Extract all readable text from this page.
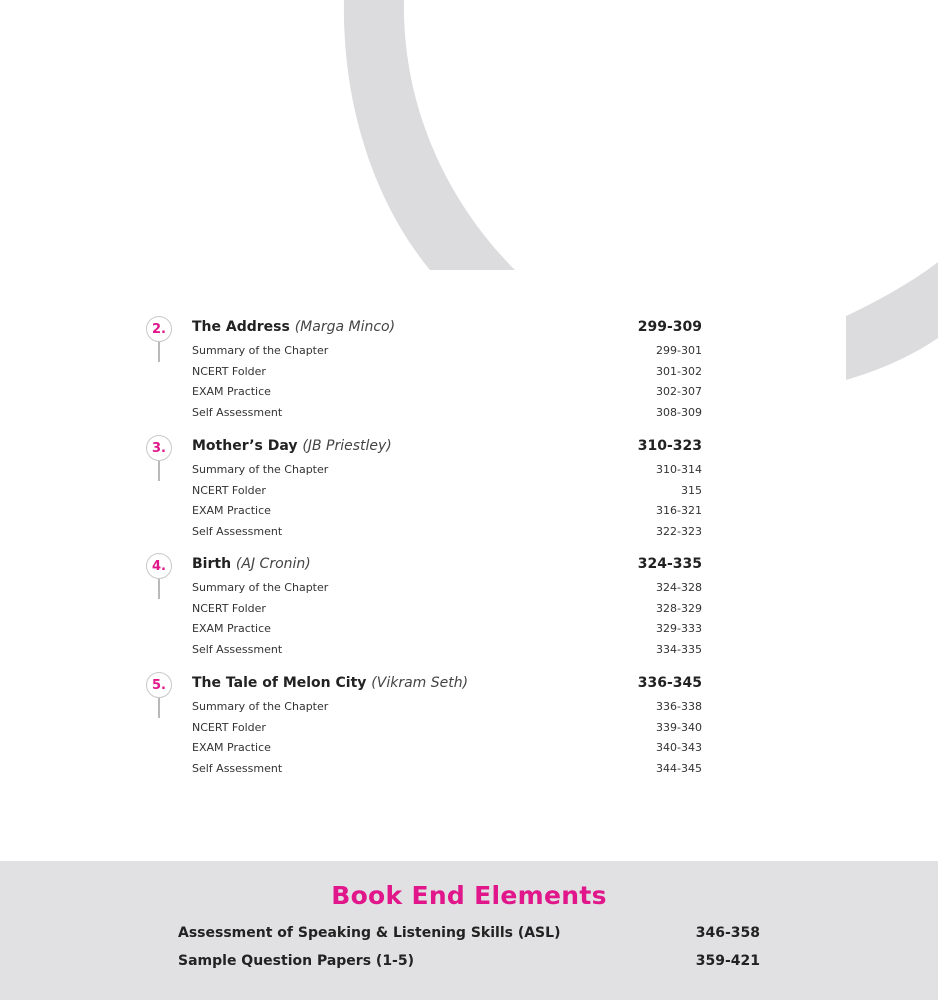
2.	The Address (Marga Minco)	299-309
Summary of the Chapter	299-301
NCERT Folder	301-302
EXAM Practice	302-307
Self Assessment	308-309
3.	Mother’s Day (JB Priestley)	310-323
Summary of the Chapter	310-314
NCERT Folder	315
EXAM Practice	316-321
Self Assessment	322-323
4.	Birth (AJ Cronin)	324-335
Summary of the Chapter	324-328
NCERT Folder	328-329
EXAM Practice	329-333
Self Assessment	334-335
5.	The Tale of Melon City (Vikram Seth)	336-345
Summary of the Chapter	336-338
NCERT Folder	339-340
EXAM Practice	340-343
Self Assessment	344-345
Book End Elements
Assessment of Speaking & Listening Skills (ASL)	346-358
Sample Question Papers (1-5)	359-421
